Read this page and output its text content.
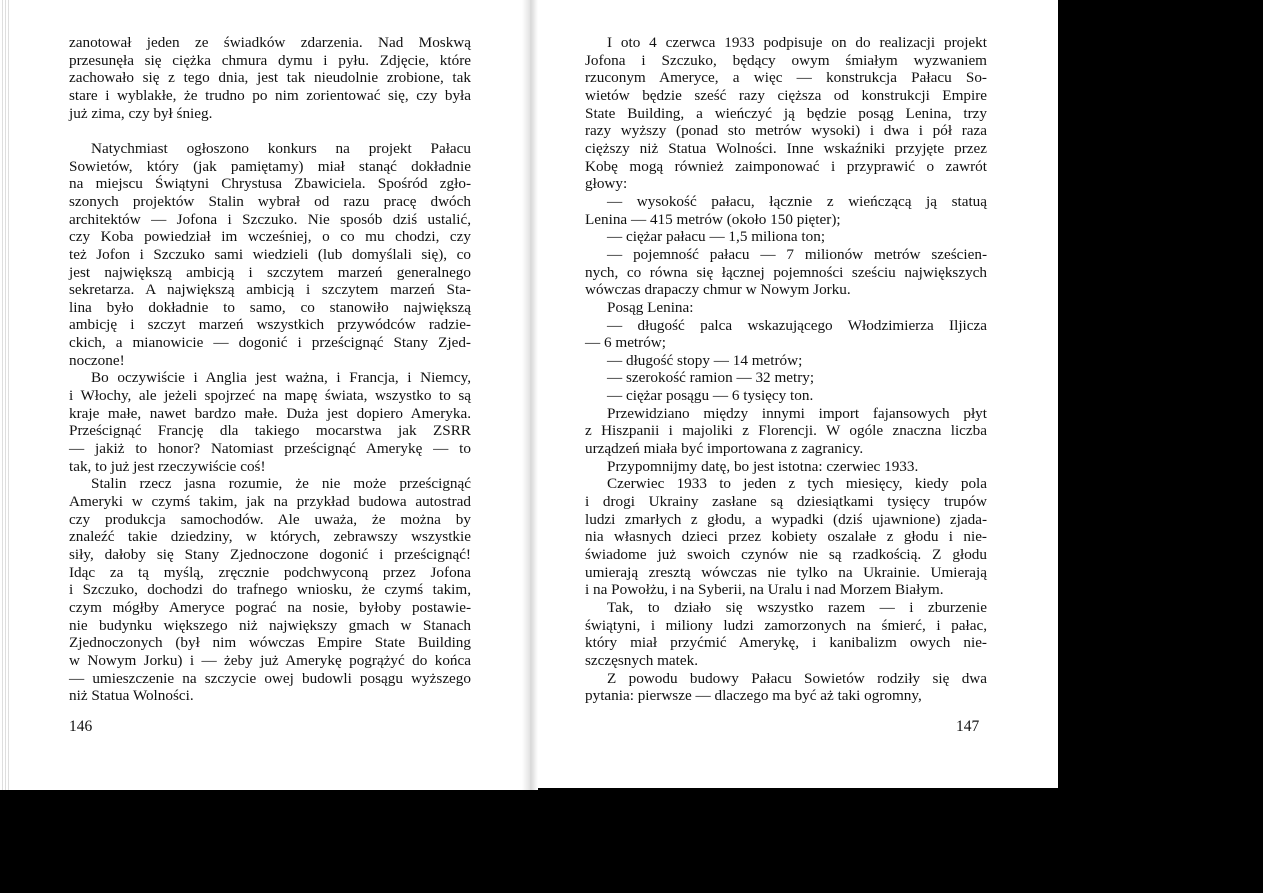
zanotował jeden ze świadków zdarzenia. Nad Moskwą

przesunęła się ciężka chmura dymu i pyłu. Zdjęcie, które

zachowało się z tego dnia, jest tak nieudolnie zrobione, tak

stare i wyblakłe, że trudno po nim zorientować się, czy była

już zima, czy był śnieg.

Natychmiast ogłoszono konkurs na projekt Pałacu

Sowietów, który (jak pamiętamy) miał stanąć dokładnie

na miejscu Świątyni Chrystusa Zbawiciela. Spośród zgło-

szonych projektów Stalin wybrał od razu pracę dwóch

architektów — Jofona i Szczuko. Nie sposób dziś ustalić,

czy Koba powiedział im wcześniej, o co mu chodzi, czy

też Jofon i Szczuko sami wiedzieli (lub domyślali się), co

jest największą ambicją i szczytem marzeń generalnego

sekretarza. A największą ambicją i szczytem marzeń Sta-

lina było dokładnie to samo, co stanowiło największą

ambicję i szczyt marzeń wszystkich przywódców radzie-

ckich, a mianowicie — dogonić i prześcignąć Stany Zjed-

noczone!

Bo oczywiście i Anglia jest ważna, i Francja, i Niemcy,

i Włochy, ale jeżeli spojrzeć na mapę świata, wszystko to są

kraje małe, nawet bardzo małe. Duża jest dopiero Ameryka.

Prześcignąć Francję dla takiego mocarstwa jak ZSRR

— jakiż to honor? Natomiast prześcignąć Amerykę — to

tak, to już jest rzeczywiście coś!

Stalin rzecz jasna rozumie, że nie może prześcignąć

Ameryki w czymś takim, jak na przykład budowa autostrad

czy produkcja samochodów. Ale uważa, że można by

znaleźć takie dziedziny, w których, zebrawszy wszystkie

siły, dałoby się Stany Zjednoczone dogonić i prześcignąć!

Idąc za tą myślą, zręcznie podchwyconą przez Jofona

i Szczuko, dochodzi do trafnego wniosku, że czymś takim,

czym mógłby Ameryce pograć na nosie, byłoby postawie-

nie budynku większego niż największy gmach w Stanach

Zjednoczonych (był nim wówczas Empire State Building

w Nowym Jorku) i — żeby już Amerykę pogrążyć do końca

— umieszczenie na szczycie owej budowli posągu wyższego

niż Statua Wolności.

I oto 4 czerwca 1933 podpisuje on do realizacji projekt

Jofona i Szczuko, będący owym śmiałym wyzwaniem

rzuconym Ameryce, a więc — konstrukcja Pałacu So-

wietów będzie sześć razy cięższa od konstrukcji Empire

State Building, a wieńczyć ją będzie posąg Lenina, trzy

razy wyższy (ponad sto metrów wysoki) i dwa i pół raza

cięższy niż Statua Wolności. Inne wskaźniki przyjęte przez

Kobę mogą również zaimponować i przyprawić o zawrót

głowy:

— wysokość pałacu, łącznie z wieńczącą ją statuą

Lenina — 415 metrów (około 150 pięter);

— ciężar pałacu — 1,5 miliona ton;

— pojemność pałacu — 7 milionów metrów sześcien-

nych, co równa się łącznej pojemności sześciu największych

wówczas drapaczy chmur w Nowym Jorku.

Posąg Lenina:

— długość palca wskazującego Włodzimierza Iljicza

— 6 metrów;

— długość stopy — 14 metrów;

— szerokość ramion — 32 metry;

— ciężar posągu — 6 tysięcy ton.

Przewidziano między innymi import fajansowych płyt

z Hiszpanii i majoliki z Florencji. W ogóle znaczna liczba

urządzeń miała być importowana z zagranicy.

Przypomnijmy datę, bo jest istotna: czerwiec 1933.

Czerwiec 1933 to jeden z tych miesięcy, kiedy pola

i drogi Ukrainy zasłane są dziesiątkami tysięcy trupów

ludzi zmarłych z głodu, a wypadki (dziś ujawnione) zjada-

nia własnych dzieci przez kobiety oszalałe z głodu i nie-

świadome już swoich czynów nie są rzadkością. Z głodu

umierają zresztą wówczas nie tylko na Ukrainie. Umierają

i na Powołżu, i na Syberii, na Uralu i nad Morzem Białym.

Tak, to działo się wszystko razem — i zburzenie

świątyni, i miliony ludzi zamorzonych na śmierć, i pałac,

który miał przyćmić Amerykę, i kanibalizm owych nie-

szczęsnych matek.

Z powodu budowy Pałacu Sowietów rodziły się dwa

pytania: pierwsze — dlaczego ma być aż taki ogromny,

146	147
